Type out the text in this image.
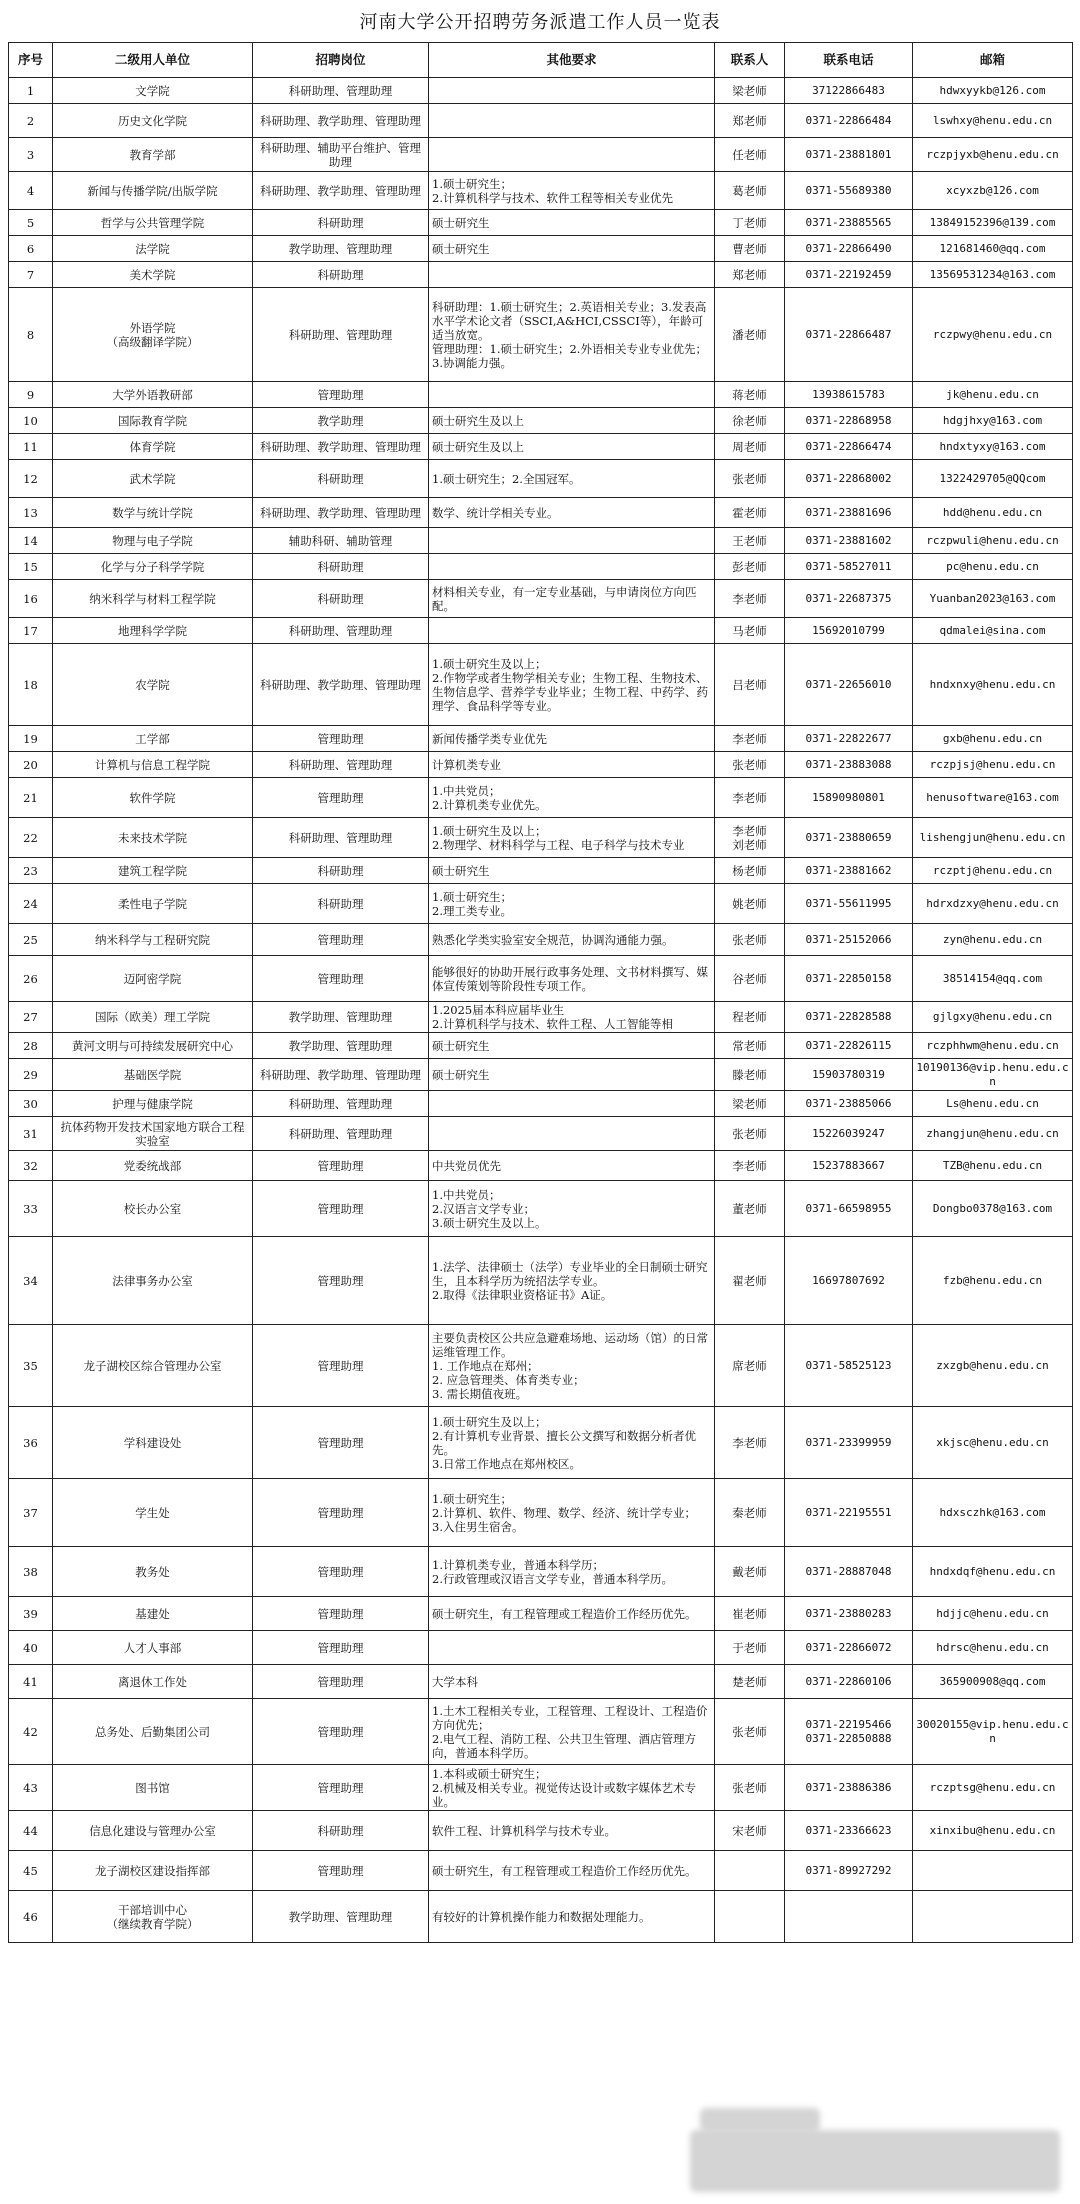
河南大学公开招聘劳务派遣工作人员一览表
序号	二级用人单位	招聘岗位	其他要求	联系人	联系电话	邮箱
1	文学院	科研助理、管理助理		梁老师	37122866483	hdwxyykb@126.com
2	历史文化学院	科研助理、教学助理、管理助理		郑老师	0371-22866484	lswhxy@henu.edu.cn
3	教育学部	科研助理、辅助平台维护、管理助理		任老师	0371-23881801	rczpjyxb@henu.edu.cn
4	新闻与传播学院/出版学院	科研助理、教学助理、管理助理	1.硕士研究生；
2.计算机科学与技术、软件工程等相关专业优先	葛老师	0371-55689380	xcyxzb@126.com
5	哲学与公共管理学院	科研助理	硕士研究生	丁老师	0371-23885565	13849152396@139.com
6	法学院	教学助理、管理助理	硕士研究生	曹老师	0371-22866490	121681460@qq.com
7	美术学院	科研助理		郑老师	0371-22192459	13569531234@163.com
8	外语学院
（高级翻译学院）	科研助理、管理助理	科研助理：1.硕士研究生；2.英语相关专业；3.发表高水平学术论文者（SSCI,A&HCI,CSSCI等），年龄可适当放宽。
管理助理：1.硕士研究生；2.外语相关专业专业优先；3.协调能力强。	潘老师	0371-22866487	rczpwy@henu.edu.cn
9	大学外语教研部	管理助理		蒋老师	13938615783	jk@henu.edu.cn
10	国际教育学院	教学助理	硕士研究生及以上	徐老师	0371-22868958	hdgjhxy@163.com
11	体育学院	科研助理、教学助理、管理助理	硕士研究生及以上	周老师	0371-22866474	hndxtyxy@163.com
12	武术学院	科研助理	1.硕士研究生；2.全国冠军。	张老师	0371-22868002	1322429705@QQcom
13	数学与统计学院	科研助理、教学助理、管理助理	数学、统计学相关专业。	霍老师	0371-23881696	hdd@henu.edu.cn
14	物理与电子学院	辅助科研、辅助管理		王老师	0371-23881602	rczpwuli@henu.edu.cn
15	化学与分子科学学院	科研助理		彭老师	0371-58527011	pc@henu.edu.cn
16	纳米科学与材料工程学院	科研助理	材料相关专业，有一定专业基础，与申请岗位方向匹配。	李老师	0371-22687375	Yuanban2023@163.com
17	地理科学学院	科研助理、管理助理		马老师	15692010799	qdmalei@sina.com
18	农学院	科研助理、教学助理、管理助理	1.硕士研究生及以上；
2.作物学或者生物学相关专业；生物工程、生物技术、生物信息学、营养学专业毕业；生物工程、中药学、药理学、食品科学等专业。	吕老师	0371-22656010	hndxnxy@henu.edu.cn
19	工学部	管理助理	新闻传播学类专业优先	李老师	0371-22822677	gxb@henu.edu.cn
20	计算机与信息工程学院	科研助理、管理助理	计算机类专业	张老师	0371-23883088	rczpjsj@henu.edu.cn
21	软件学院	管理助理	1.中共党员；
2.计算机类专业优先。	李老师	15890980801	henusoftware@163.com
22	未来技术学院	科研助理、管理助理	1.硕士研究生及以上；
2.物理学、材料科学与工程、电子科学与技术专业	李老师
刘老师	0371-23880659	lishengjun@henu.edu.cn
23	建筑工程学院	科研助理	硕士研究生	杨老师	0371-23881662	rczptj@henu.edu.cn
24	柔性电子学院	科研助理	1.硕士研究生；
2.理工类专业。	姚老师	0371-55611995	hdrxdzxy@henu.edu.cn
25	纳米科学与工程研究院	管理助理	熟悉化学类实验室安全规范，协调沟通能力强。	张老师	0371-25152066	zyn@henu.edu.cn
26	迈阿密学院	管理助理	能够很好的协助开展行政事务处理、文书材料撰写、媒体宣传策划等阶段性专项工作。	谷老师	0371-22850158	38514154@qq.com
27	国际（欧美）理工学院	教学助理、管理助理	1.2025届本科应届毕业生
2.计算机科学与技术、软件工程、人工智能等相	程老师	0371-22828588	gjlgxy@henu.edu.cn
28	黄河文明与可持续发展研究中心	教学助理、管理助理	硕士研究生	常老师	0371-22826115	rczphhwm@henu.edu.cn
29	基础医学院	科研助理、教学助理、管理助理	硕士研究生	滕老师	15903780319	10190136@vip.henu.edu.cn
30	护理与健康学院	科研助理、管理助理		梁老师	0371-23885066	Ls@henu.edu.cn
31	抗体药物开发技术国家地方联合工程实验室	科研助理、管理助理		张老师	15226039247	zhangjun@henu.edu.cn
32	党委统战部	管理助理	中共党员优先	李老师	15237883667	TZB@henu.edu.cn
33	校长办公室	管理助理	1.中共党员；
2.汉语言文学专业；
3.硕士研究生及以上。	董老师	0371-66598955	Dongbo0378@163.com
34	法律事务办公室	管理助理	1.法学、法律硕士（法学）专业毕业的全日制硕士研究生，且本科学历为统招法学专业。
2.取得《法律职业资格证书》A证。	翟老师	16697807692	fzb@henu.edu.cn
35	龙子湖校区综合管理办公室	管理助理	主要负责校区公共应急避难场地、运动场（馆）的日常运维管理工作。
1. 工作地点在郑州；
2. 应急管理类、体育类专业；
3. 需长期值夜班。	席老师	0371-58525123	zxzgb@henu.edu.cn
36	学科建设处	管理助理	1.硕士研究生及以上；
2.有计算机专业背景、擅长公文撰写和数据分析者优先。
3.日常工作地点在郑州校区。	李老师	0371-23399959	xkjsc@henu.edu.cn
37	学生处	管理助理	1.硕士研究生；
2.计算机、软件、物理、数学、经济、统计学专业；
3.入住男生宿舍。	秦老师	0371-22195551	hdxsczhk@163.com
38	教务处	管理助理	1.计算机类专业，普通本科学历；
2.行政管理或汉语言文学专业，普通本科学历。	戴老师	0371-28887048	hndxdqf@henu.edu.cn
39	基建处	管理助理	硕士研究生，有工程管理或工程造价工作经历优先。	崔老师	0371-23880283	hdjjc@henu.edu.cn
40	人才人事部	管理助理		于老师	0371-22866072	hdrsc@henu.edu.cn
41	离退休工作处	管理助理	大学本科	楚老师	0371-22860106	365900908@qq.com
42	总务处、后勤集团公司	管理助理	1.土木工程相关专业，工程管理、工程设计、工程造价方向优先；
2.电气工程、消防工程、公共卫生管理、酒店管理方向，普通本科学历。	张老师	0371-22195466
0371-22850888	30020155@vip.henu.edu.cn
43	图书馆	管理助理	1.本科或硕士研究生；
2.机械及相关专业。视觉传达设计或数字媒体艺术专业。	张老师	0371-23886386	rczptsg@henu.edu.cn
44	信息化建设与管理办公室	科研助理	软件工程、计算机科学与技术专业。	宋老师	0371-23366623	xinxibu@henu.edu.cn
45	龙子湖校区建设指挥部	管理助理	硕士研究生，有工程管理或工程造价工作经历优先。		0371-89927292	
46	干部培训中心
（继续教育学院）	教学助理、管理助理	有较好的计算机操作能力和数据处理能力。			
